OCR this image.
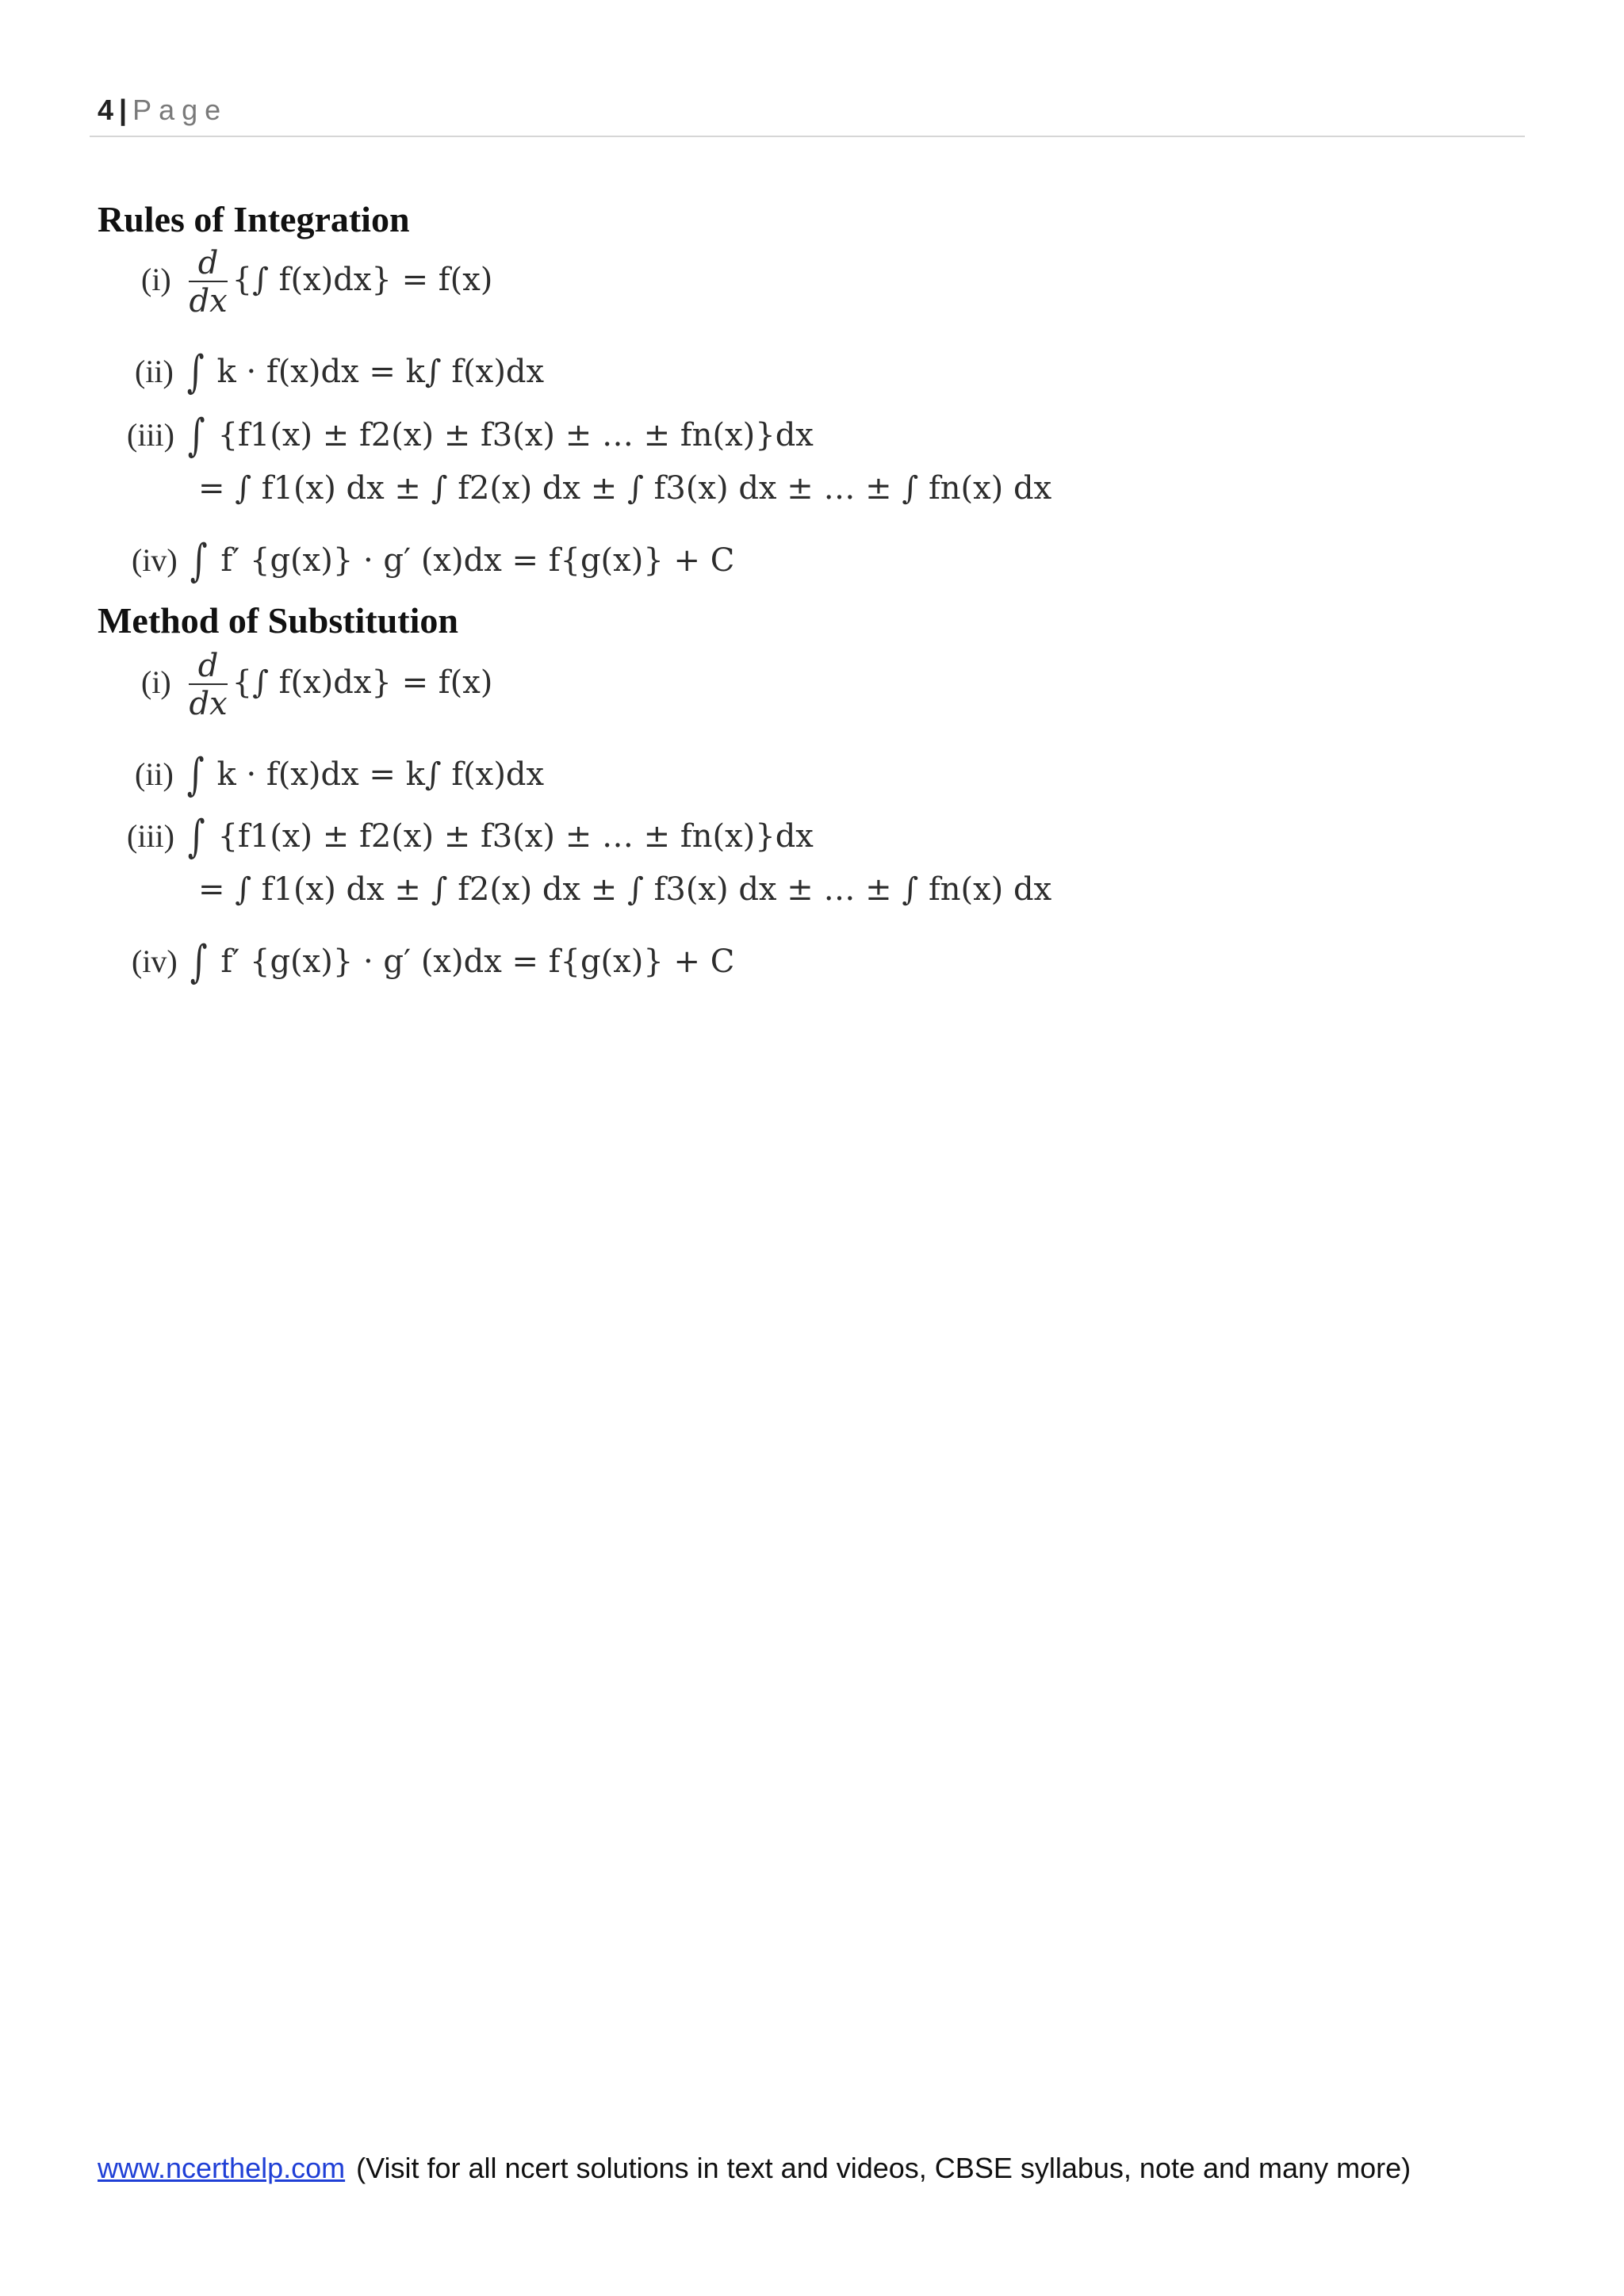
4 | Page
Rules of Integration
$(i) \frac{d}{dx}$ {∫ f(x)dx} = f(x)
(ii) ∫ k · f(x)dx = k∫ f(x)dx
(iii) ∫ {f1(x) ± f2(x) ± f3(x) ± … ± fn(x)}dx
= ∫ f1(x) dx ± ∫ f2(x) dx ± ∫ f3(x) dx ± … ± ∫ fn(x) dx
(iv) ∫ f′ {g(x)} · g′ (x)dx = f{g(x)} + C
Method of Substitution
$(i) \frac{d}{dx}$ {∫ f(x)dx} = f(x)
(ii) ∫ k · f(x)dx = k∫ f(x)dx
(iii) ∫ {f1(x) ± f2(x) ± f3(x) ± … ± fn(x)}dx
= ∫ f1(x) dx ± ∫ f2(x) dx ± ∫ f3(x) dx ± … ± ∫ fn(x) dx
(iv) ∫ f′ {g(x)} · g′ (x)dx = f{g(x)} + C
www.ncerthelp.com (Visit for all ncert solutions in text and videos, CBSE syllabus, note and many more)
